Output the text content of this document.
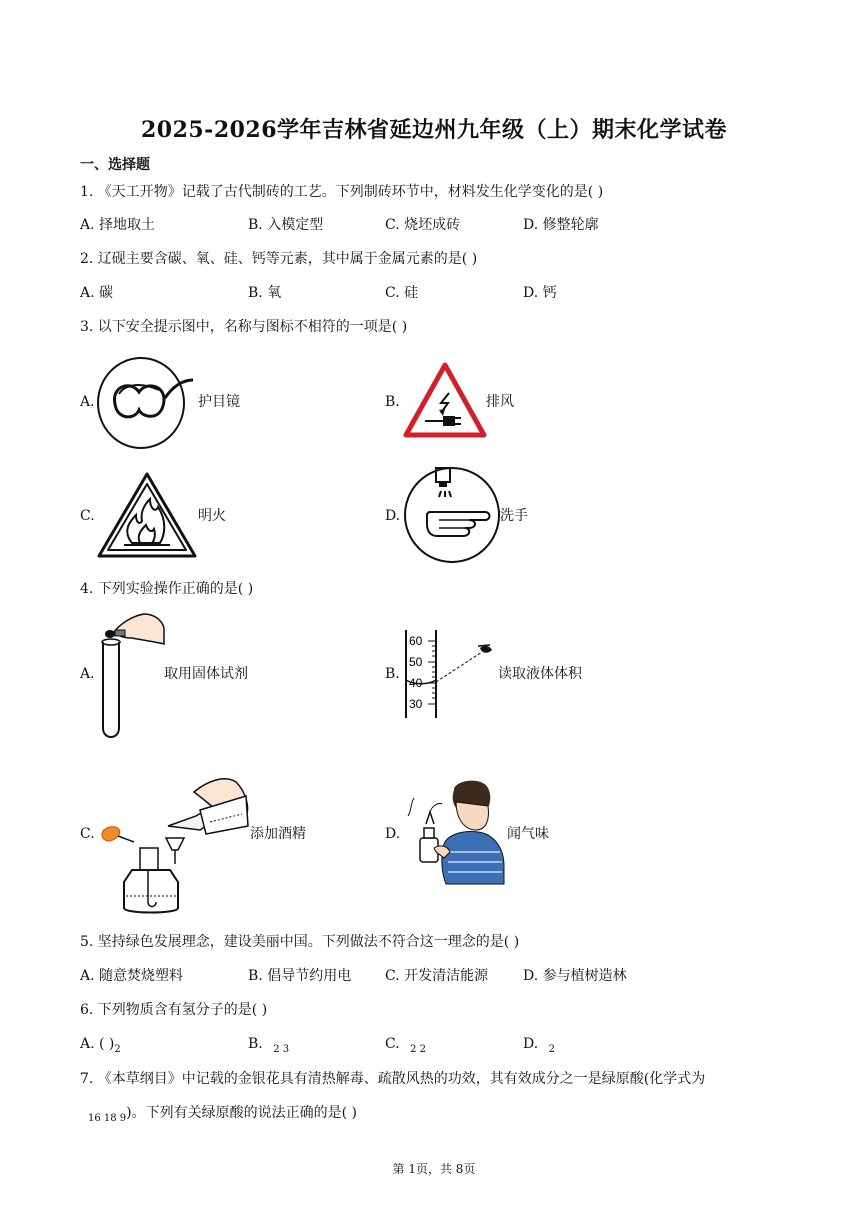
2025-2026学年吉林省延边州九年级（上）期末化学试卷
一、选择题
1. 《天工开物》记载了古代制砖的工艺。下列制砖环节中，材料发生化学变化的是( )
A. 择地取土	B. 入模定型	C. 烧坯成砖	D. 修整轮廓
2. 辽砚主要含碳、氧、硅、钙等元素，其中属于金属元素的是( )
A. 碳	B. 氧	C. 硅	D. 钙
3. 以下安全提示图中，名称与图标不相符的一项是( )
A.	护目镜	B.	排风
C.	明火	D.	洗手
4. 下列实验操作正确的是( )
A.	取用固体试剂	B.
60
50
40
30
读取液体体积
C.	添加酒精	D.	闻气味
5. 坚持绿色发展理念，建设美丽中国。下列做法不符合这一理念的是( )
A. 随意焚烧塑料	B. 倡导节约用电 C. 开发清洁能源 D. 参与植树造林
6. 下列物质含有氢分子的是( )
A. ( )$_2$	B. $_{2 3}$	C. $_{2 2}$	D. $_2$
7. 《本草纲目》中记载的金银花具有清热解毒、疏散风热的功效，其有效成分之一是绿原酸(化学式为
$_{16 18 9}$)。下列有关绿原酸的说法正确的是( )
第 1页，共 8页
